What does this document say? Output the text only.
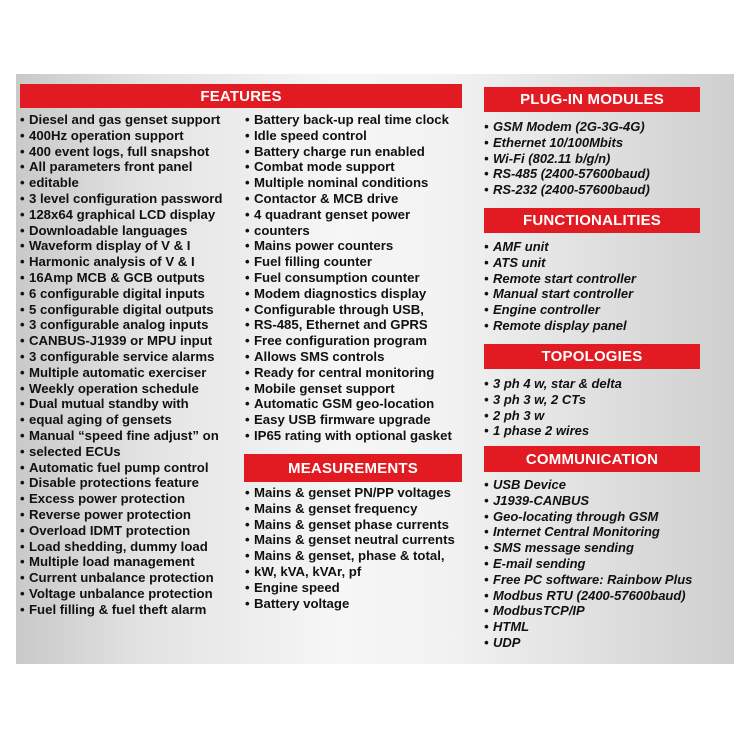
FEATURES
• Diesel and gas genset support
• 400Hz operation support
• 400 event logs, full snapshot
• All parameters front panel
• editable
• 3 level configuration password
• 128x64 graphical LCD display
• Downloadable languages
• Waveform display of V & I
• Harmonic analysis of V & I
• 16Amp MCB & GCB outputs
• 6 configurable digital inputs
• 5 configurable digital outputs
• 3 configurable analog inputs
• CANBUS-J1939 or MPU input
• 3 configurable service alarms
• Multiple automatic exerciser
• Weekly operation schedule
• Dual mutual standby with
• equal aging of gensets
• Manual “speed fine adjust” on
• selected ECUs
• Automatic fuel pump control
• Disable protections feature
• Excess power protection
• Reverse power protection
• Overload IDMT protection
• Load shedding, dummy load
• Multiple load management
• Current unbalance protection
• Voltage unbalance protection
• Fuel filling & fuel theft alarm
• Battery back-up real time clock
• Idle speed control
• Battery charge run enabled
• Combat mode support
• Multiple nominal conditions
• Contactor & MCB drive
• 4 quadrant genset power
• counters
• Mains power counters
• Fuel filling counter
• Fuel consumption counter
• Modem diagnostics display
• Configurable through USB,
• RS-485, Ethernet and GPRS
• Free configuration program
• Allows SMS controls
• Ready for central monitoring
• Mobile genset support
• Automatic GSM geo-location
• Easy USB firmware upgrade
• IP65 rating with optional gasket
MEASUREMENTS
• Mains & genset PN/PP voltages
• Mains & genset frequency
• Mains & genset phase currents
• Mains & genset neutral currents
• Mains & genset, phase & total,
• kW, kVA, kVAr, pf
• Engine speed
• Battery voltage
PLUG-IN MODULES
• GSM Modem (2G-3G-4G)
• Ethernet 10/100Mbits
• Wi-Fi (802.11 b/g/n)
• RS-485 (2400-57600baud)
• RS-232 (2400-57600baud)
FUNCTIONALITIES
• AMF unit
• ATS unit
• Remote start controller
• Manual start controller
• Engine controller
• Remote display panel
TOPOLOGIES
• 3 ph 4 w, star & delta
• 3 ph 3 w, 2 CTs
• 2 ph 3 w
• 1 phase 2 wires
COMMUNICATION
• USB Device
• J1939-CANBUS
• Geo-locating through GSM
• Internet Central Monitoring
• SMS message sending
• E-mail sending
• Free PC software: Rainbow Plus
• Modbus RTU (2400-57600baud)
• ModbusTCP/IP
• HTML
• UDP
